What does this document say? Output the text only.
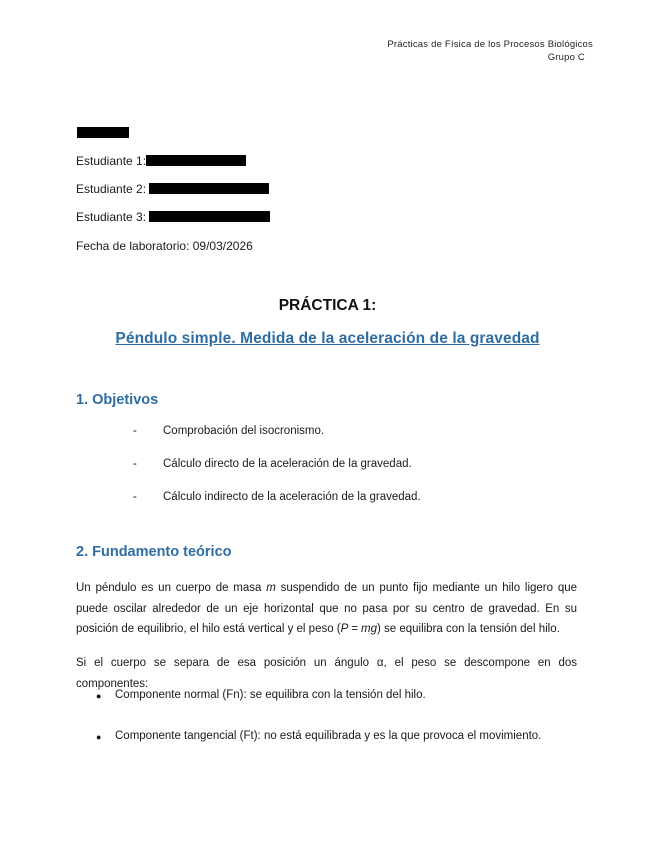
Prácticas de Física de los Procesos Biológicos
Grupo C
Estudiante 1:
Estudiante 2:
Estudiante 3:
Fecha de laboratorio: 09/03/2026
PRÁCTICA 1:
Péndulo simple. Medida de la aceleración de la gravedad
1. Objetivos
- Comprobación del isocronismo.
- Cálculo directo de la aceleración de la gravedad.
- Cálculo indirecto de la aceleración de la gravedad.
2. Fundamento teórico
Un péndulo es un cuerpo de masa m suspendido de un punto fijo mediante un hilo ligero que puede oscilar alrededor de un eje horizontal que no pasa por su centro de gravedad. En su posición de equilibrio, el hilo está vertical y el peso (P = mg) se equilibra con la tensión del hilo.
Si el cuerpo se separa de esa posición un ángulo α, el peso se descompone en dos componentes:
● Componente normal (Fn): se equilibra con la tensión del hilo.
● Componente tangencial (Ft): no está equilibrada y es la que provoca el movimiento.
